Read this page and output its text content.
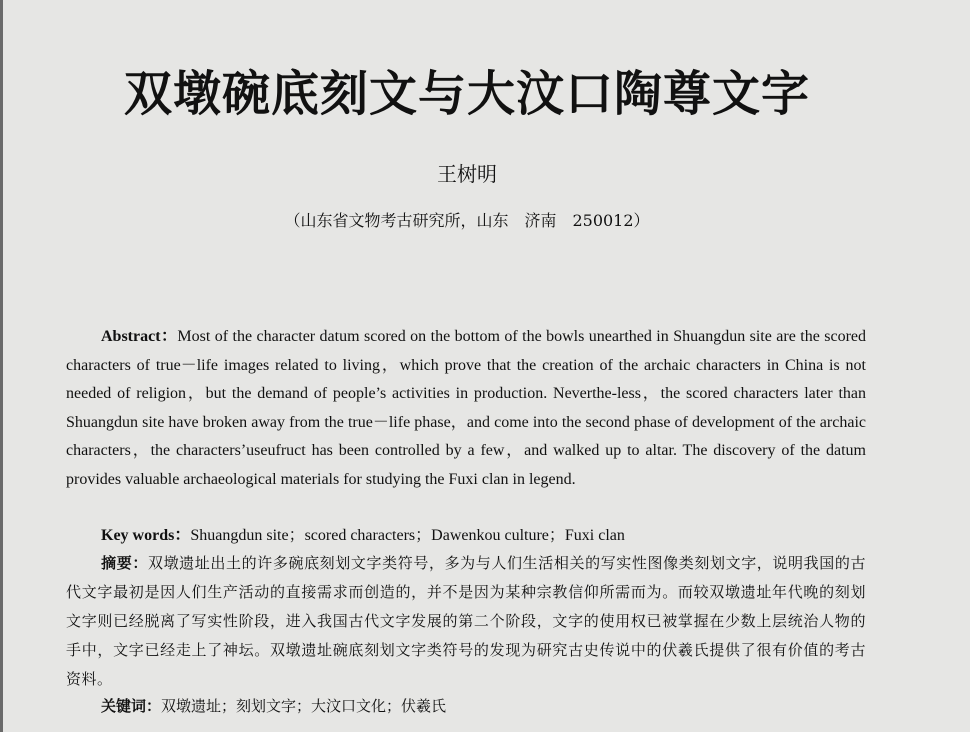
双墩碗底刻文与大汶口陶尊文字
王树明
（山东省文物考古研究所，山东　济南　250012）
Abstract：Most of the character datum scored on the bottom of the bowls unearthed in Shuangdun site are the scored characters of true－life images related to living，which prove that the creation of the archaic characters in China is not needed of religion，but the demand of people’s activities in production. Neverthe-less，the scored characters later than Shuangdun site have broken away from the true－life phase，and come into the second phase of development of the archaic characters，the characters’useufruct has been controlled by a few，and walked up to altar. The discovery of the datum provides valuable archaeological materials for studying the Fuxi clan in legend.
Key words：Shuangdun site；scored characters；Dawenkou culture；Fuxi clan
摘要：双墩遗址出土的许多碗底刻划文字类符号，多为与人们生活相关的写实性图像类刻划文字，说明我国的古代文字最初是因人们生产活动的直接需求而创造的，并不是因为某种宗教信仰所需而为。而较双墩遗址年代晚的刻划文字则已经脱离了写实性阶段，进入我国古代文字发展的第二个阶段，文字的使用权已被掌握在少数上层统治人物的手中，文字已经走上了神坛。双墩遗址碗底刻划文字类符号的发现为研究古史传说中的伏羲氏提供了很有价值的考古资料。
关键词：双墩遗址；刻划文字；大汶口文化；伏羲氏
